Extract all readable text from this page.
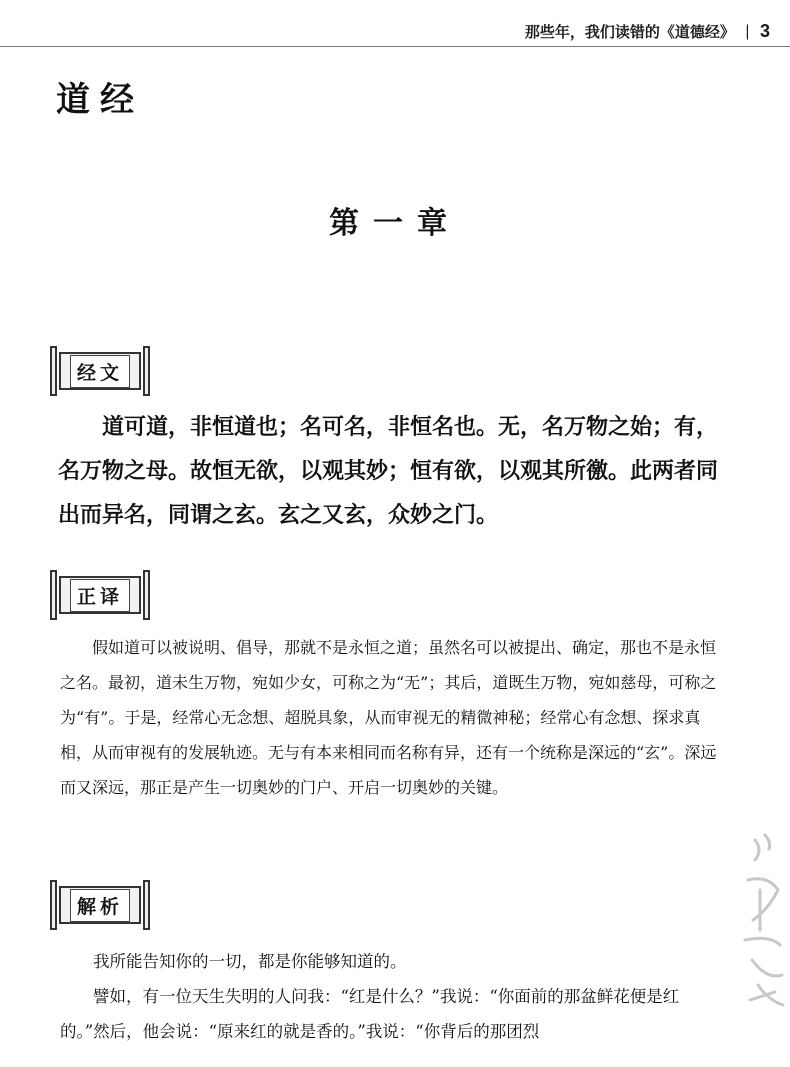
那些年，我们读错的《道德经》 | 3
道经
第一章
经文

道可道，非恒道也；名可名，非恒名也。无，名万物之始；有，名万物之母。故恒无欲，以观其妙；恒有欲，以观其所徼。此两者同出而异名，同谓之玄。玄之又玄，众妙之门。

正译

假如道可以被说明、倡导，那就不是永恒之道；虽然名可以被提出、确定，那也不是永恒之名。最初，道未生万物，宛如少女，可称之为“无”；其后，道既生万物，宛如慈母，可称之为“有”。于是，经常心无念想、超脱具象，从而审视无的精微神秘；经常心有念想、探求真相，从而审视有的发展轨迹。无与有本来相同而名称有异，还有一个统称是深远的“玄”。深远而又深远，那正是产生一切奥妙的门户、开启一切奥妙的关键。

解析

我所能告知你的一切，都是你能够知道的。

譬如，有一位天生失明的人问我：“红是什么？”我说：“你面前的那盆鲜花便是红的。”然后，他会说：“原来红的就是香的。”我说：“你背后的那团烈
